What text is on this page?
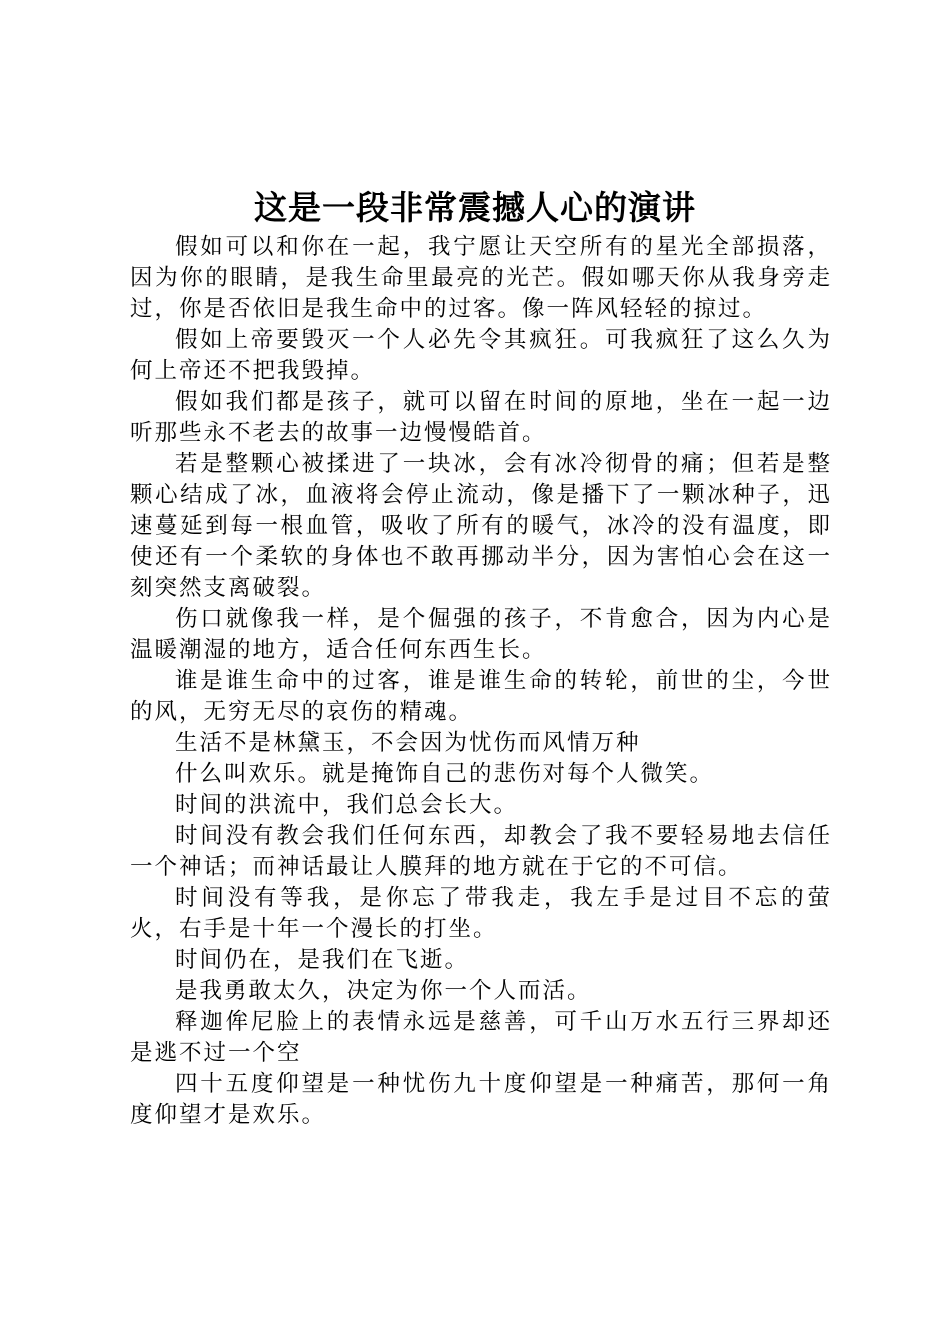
这是一段非常震撼人心的演讲

假如可以和你在一起，我宁愿让天空所有的星光全部损落，因为你的眼睛，是我生命里最亮的光芒。假如哪天你从我身旁走过，你是否依旧是我生命中的过客。像一阵风轻轻的掠过。

假如上帝要毁灭一个人必先令其疯狂。可我疯狂了这么久为何上帝还不把我毁掉。

假如我们都是孩子，就可以留在时间的原地，坐在一起一边听那些永不老去的故事一边慢慢皓首。

若是整颗心被揉进了一块冰，会有冰冷彻骨的痛；但若是整颗心结成了冰，血液将会停止流动，像是播下了一颗冰种子，迅速蔓延到每一根血管，吸收了所有的暖气，冰冷的没有温度，即使还有一个柔软的身体也不敢再挪动半分，因为害怕心会在这一刻突然支离破裂。

伤口就像我一样，是个倔强的孩子，不肯愈合，因为内心是温暖潮湿的地方，适合任何东西生长。

谁是谁生命中的过客，谁是谁生命的转轮，前世的尘，今世的风，无穷无尽的哀伤的精魂。

生活不是林黛玉，不会因为忧伤而风情万种

什么叫欢乐。就是掩饰自己的悲伤对每个人微笑。

时间的洪流中，我们总会长大。

时间没有教会我们任何东西，却教会了我不要轻易地去信任一个神话；而神话最让人膜拜的地方就在于它的不可信。

时间没有等我，是你忘了带我走，我左手是过目不忘的萤火，右手是十年一个漫长的打坐。

时间仍在，是我们在飞逝。

是我勇敢太久，决定为你一个人而活。

释迦侔尼脸上的表情永远是慈善，可千山万水五行三界却还是逃不过一个空

四十五度仰望是一种忧伤九十度仰望是一种痛苦，那何一角度仰望才是欢乐。
